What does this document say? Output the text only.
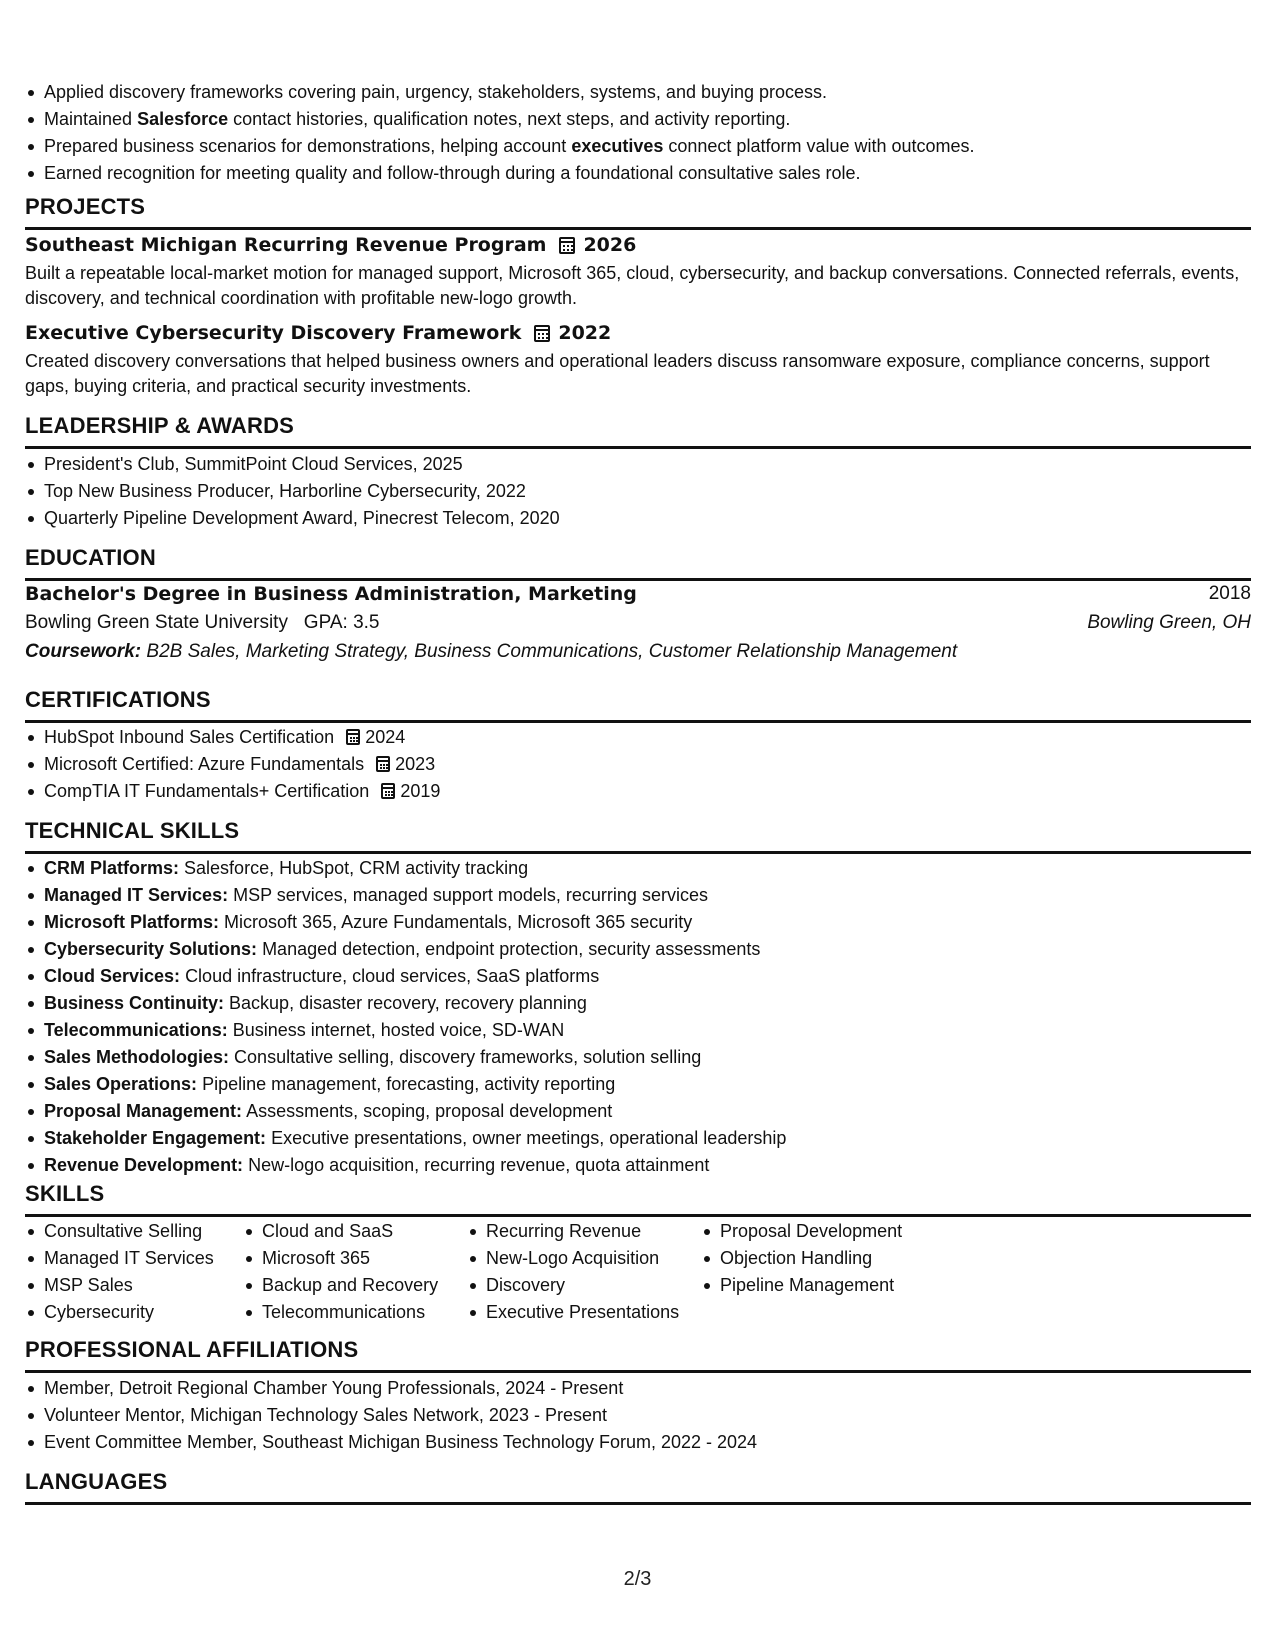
Applied discovery frameworks covering pain, urgency, stakeholders, systems, and buying process.
Maintained Salesforce contact histories, qualification notes, next steps, and activity reporting.
Prepared business scenarios for demonstrations, helping account executives connect platform value with outcomes.
Earned recognition for meeting quality and follow-through during a foundational consultative sales role.
PROJECTS
Southeast Michigan Recurring Revenue Program 2026
Built a repeatable local-market motion for managed support, Microsoft 365, cloud, cybersecurity, and backup conversations. Connected referrals, events, discovery, and technical coordination with profitable new-logo growth.
Executive Cybersecurity Discovery Framework 2022
Created discovery conversations that helped business owners and operational leaders discuss ransomware exposure, compliance concerns, support gaps, buying criteria, and practical security investments.
LEADERSHIP & AWARDS
President's Club, SummitPoint Cloud Services, 2025
Top New Business Producer, Harborline Cybersecurity, 2022
Quarterly Pipeline Development Award, Pinecrest Telecom, 2020
EDUCATION
Bachelor's Degree in Business Administration, Marketing	2018
Bowling Green State University GPA: 3.5	Bowling Green, OH
Coursework: B2B Sales, Marketing Strategy, Business Communications, Customer Relationship Management
CERTIFICATIONS
HubSpot Inbound Sales Certification 2024
Microsoft Certified: Azure Fundamentals 2023
CompTIA IT Fundamentals+ Certification 2019
TECHNICAL SKILLS
CRM Platforms: Salesforce, HubSpot, CRM activity tracking
Managed IT Services: MSP services, managed support models, recurring services
Microsoft Platforms: Microsoft 365, Azure Fundamentals, Microsoft 365 security
Cybersecurity Solutions: Managed detection, endpoint protection, security assessments
Cloud Services: Cloud infrastructure, cloud services, SaaS platforms
Business Continuity: Backup, disaster recovery, recovery planning
Telecommunications: Business internet, hosted voice, SD-WAN
Sales Methodologies: Consultative selling, discovery frameworks, solution selling
Sales Operations: Pipeline management, forecasting, activity reporting
Proposal Management: Assessments, scoping, proposal development
Stakeholder Engagement: Executive presentations, owner meetings, operational leadership
Revenue Development: New-logo acquisition, recurring revenue, quota attainment
SKILLS
Consultative Selling
Managed IT Services
MSP Sales
Cybersecurity
Cloud and SaaS
Microsoft 365
Backup and Recovery
Telecommunications
Recurring Revenue
New-Logo Acquisition
Discovery
Executive Presentations
Proposal Development
Objection Handling
Pipeline Management
PROFESSIONAL AFFILIATIONS
Member, Detroit Regional Chamber Young Professionals, 2024 - Present
Volunteer Mentor, Michigan Technology Sales Network, 2023 - Present
Event Committee Member, Southeast Michigan Business Technology Forum, 2022 - 2024
LANGUAGES
2/3
